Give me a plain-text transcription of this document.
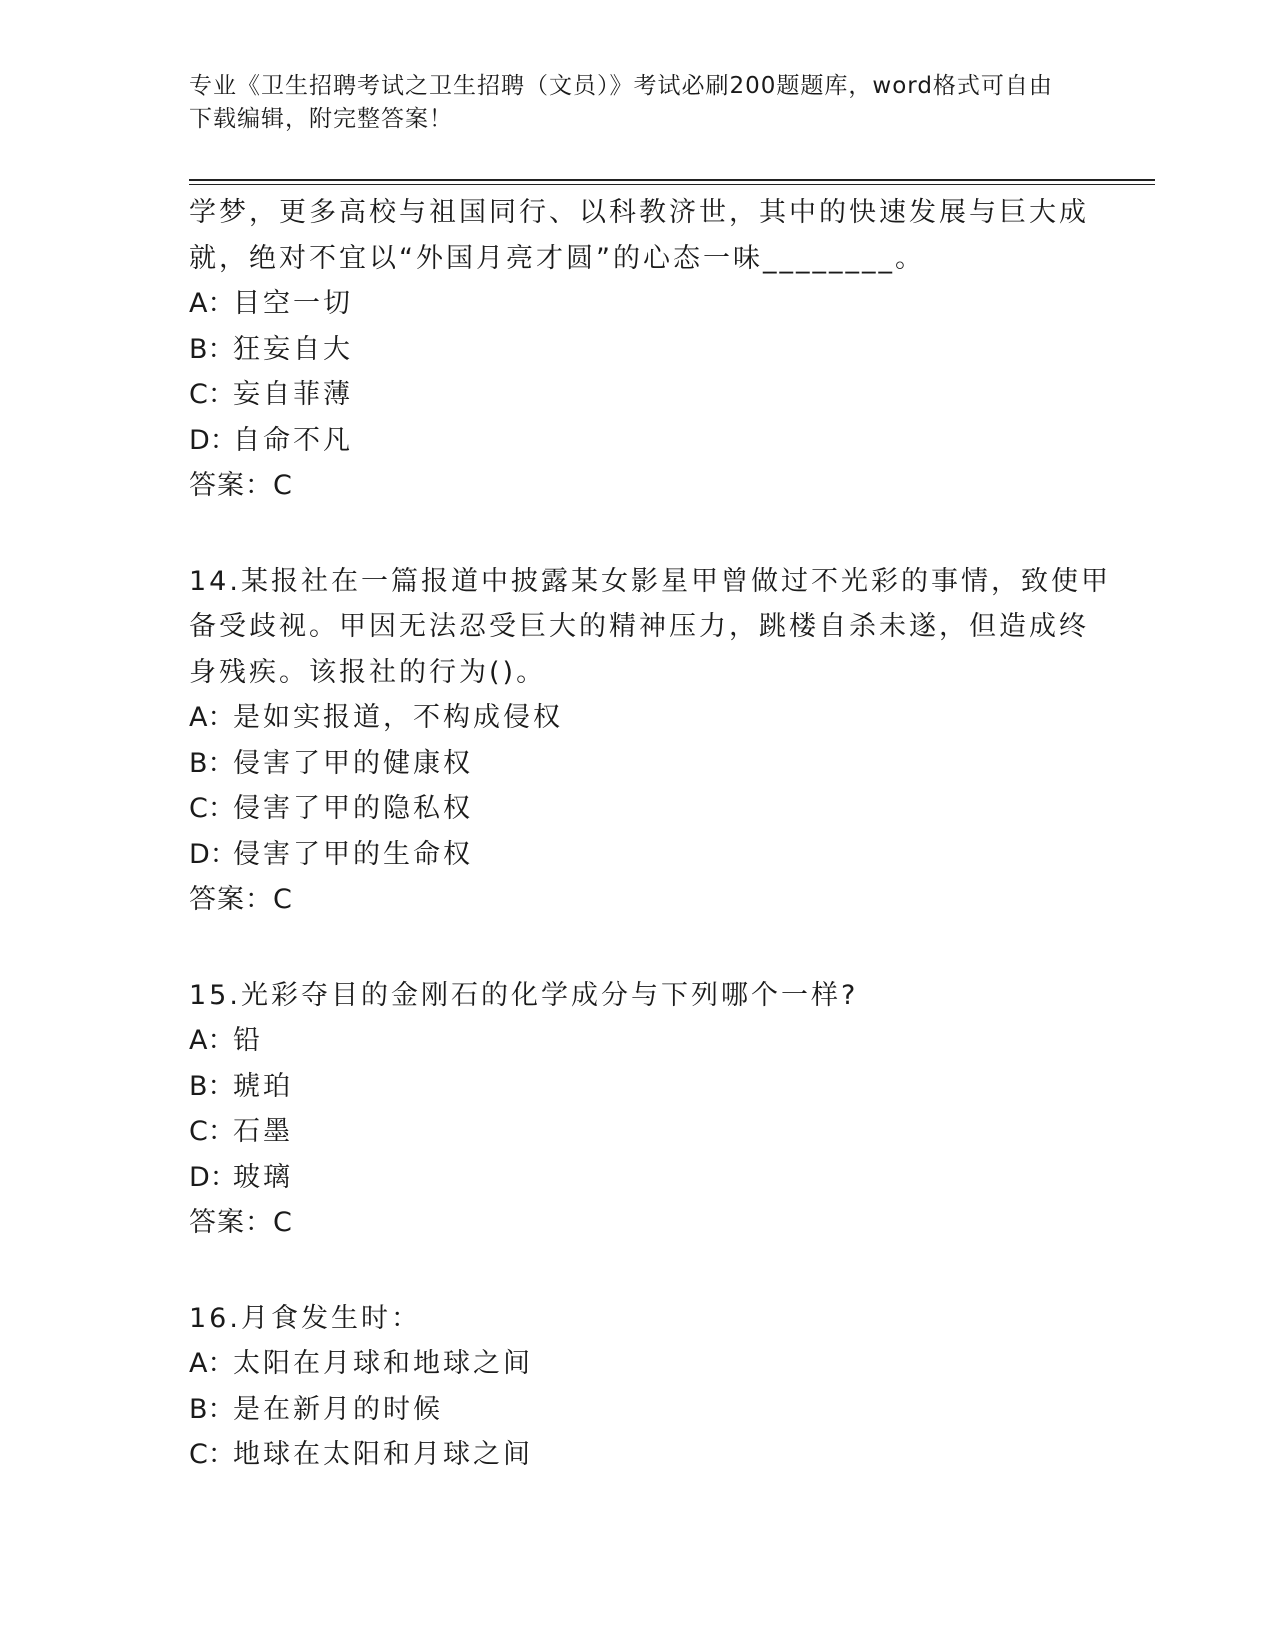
专业《卫生招聘考试之卫生招聘（文员）》考试必刷200题题库，word格式可自由下载编辑，附完整答案！
学梦，更多高校与祖国同行、以科教济世，其中的快速发展与巨大成
就，绝对不宜以“外国月亮才圆”的心态一味________。
A：目空一切
B：狂妄自大
C：妄自菲薄
D：自命不凡
答案：C
14.某报社在一篇报道中披露某女影星甲曾做过不光彩的事情，致使甲
备受歧视。甲因无法忍受巨大的精神压力，跳楼自杀未遂，但造成终
身残疾。该报社的行为()。
A：是如实报道，不构成侵权
B：侵害了甲的健康权
C：侵害了甲的隐私权
D：侵害了甲的生命权
答案：C
15.光彩夺目的金刚石的化学成分与下列哪个一样?
A：铅
B：琥珀
C：石墨
D：玻璃
答案：C
16.月食发生时：
A：太阳在月球和地球之间
B：是在新月的时候
C：地球在太阳和月球之间
